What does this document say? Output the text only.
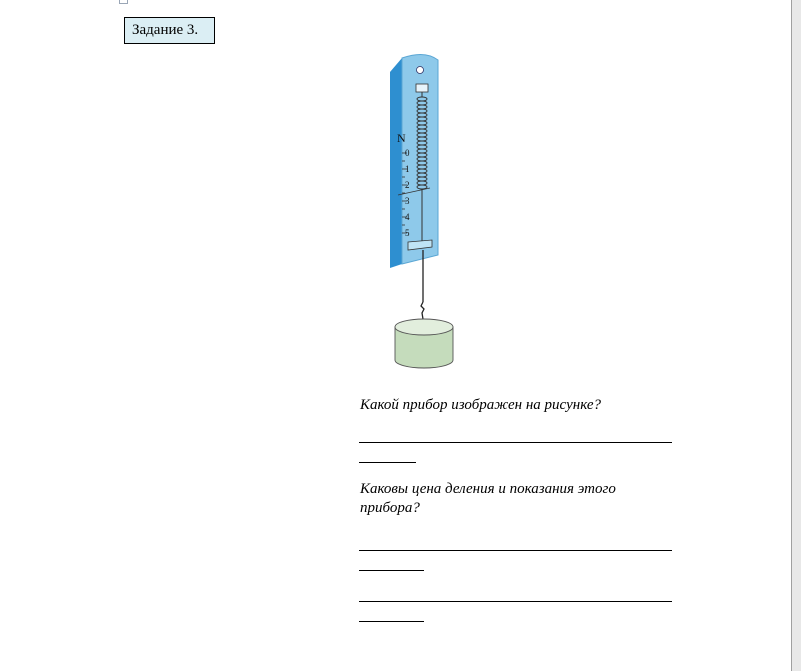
Задание 3.
N
0
1
2
3
4
5
Какой прибор изображен на рисунке?
Каковы цена деления и показания этого прибора?
